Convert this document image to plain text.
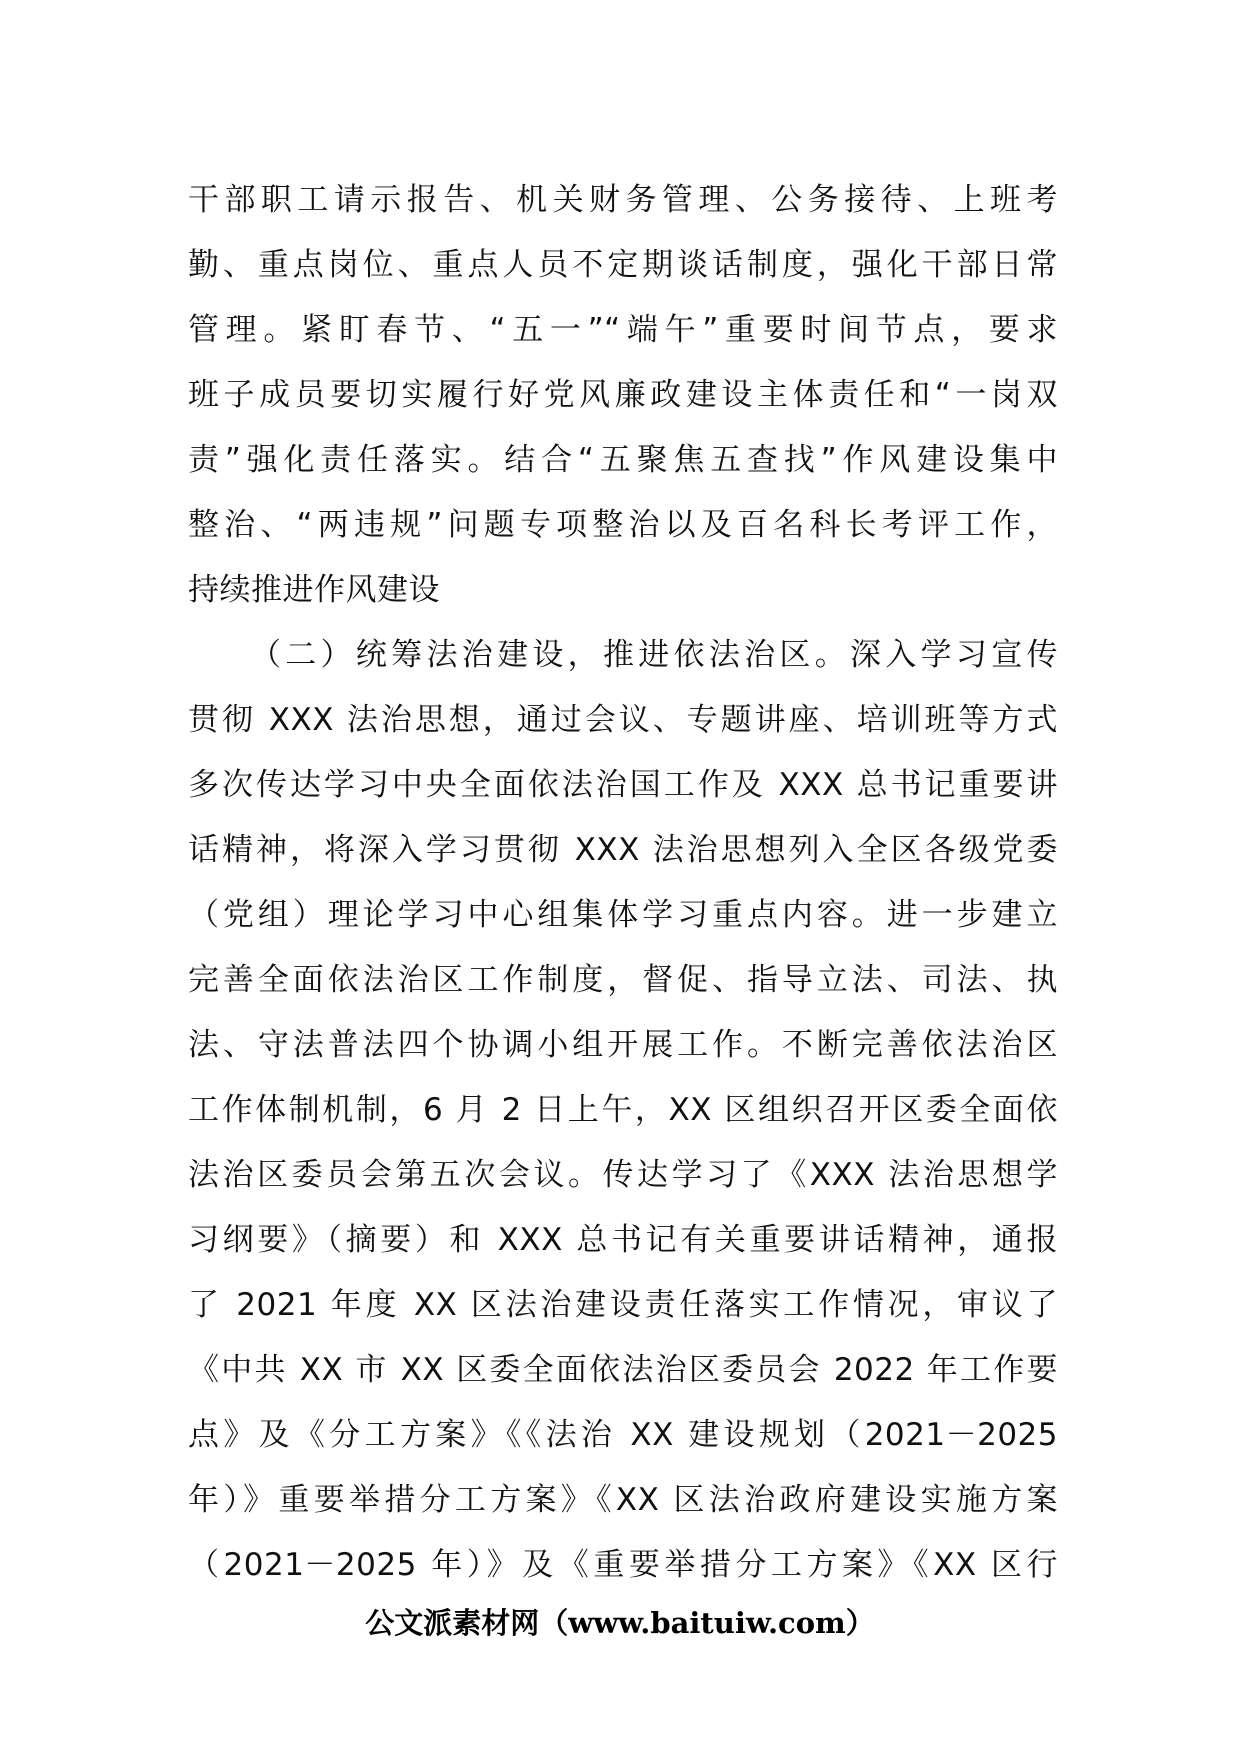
干部职工请示报告、机关财务管理、公务接待、上班考
勤、重点岗位、重点人员不定期谈话制度，强化干部日常
管理。紧盯春节、“五一”“端午”重要时间节点，要求
班子成员要切实履行好党风廉政建设主体责任和“一岗双
责”强化责任落实。结合“五聚焦五查找”作风建设集中
整治、“两违规”问题专项整治以及百名科长考评工作，
持续推进作风建设
（二）统筹法治建设，推进依法治区。深入学习宣传
贯彻 XXX 法治思想，通过会议、专题讲座、培训班等方式
多次传达学习中央全面依法治国工作及 XXX 总书记重要讲
话精神，将深入学习贯彻 XXX 法治思想列入全区各级党委
（党组）理论学习中心组集体学习重点内容。进一步建立
完善全面依法治区工作制度，督促、指导立法、司法、执
法、守法普法四个协调小组开展工作。不断完善依法治区
工作体制机制，6 月 2 日上午，XX 区组织召开区委全面依
法治区委员会第五次会议。传达学习了《XXX 法治思想学
习纲要》（摘要）和 XXX 总书记有关重要讲话精神，通报
了 2021 年度 XX 区法治建设责任落实工作情况，审议了
《中共 XX 市 XX 区委全面依法治区委员会 2022 年工作要
点》及《分工方案》《《法治 XX 建设规划（2021－2025
年）》重要举措分工方案》《XX 区法治政府建设实施方案
（2021－2025 年）》及《重要举措分工方案》《XX 区行
公文派素材网（www.baituiw.com）
